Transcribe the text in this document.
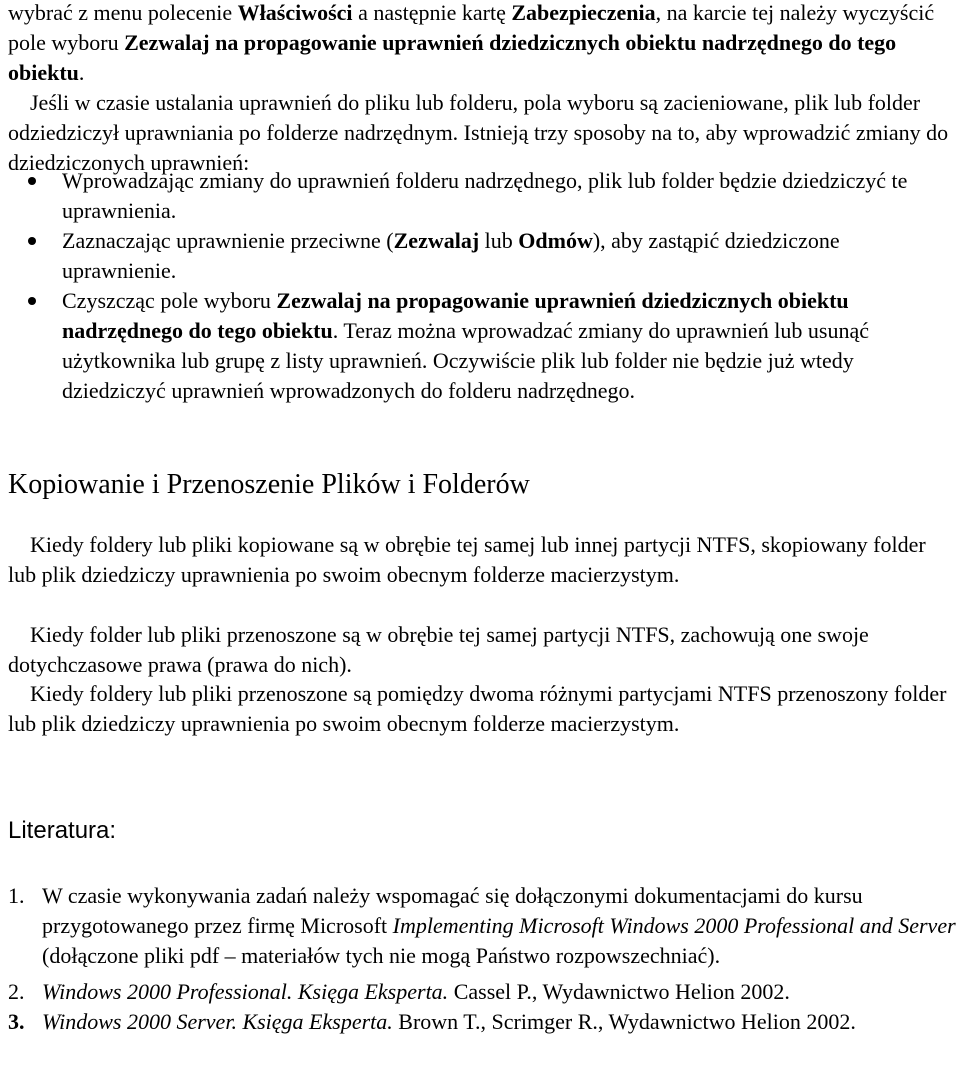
wybrać z menu polecenie Właściwości a następnie kartę Zabezpieczenia, na karcie tej należy wyczyścić pole wyboru Zezwalaj na propagowanie uprawnień dziedzicznych obiektu nadrzędnego do tego obiektu.

Jeśli w czasie ustalania uprawnień do pliku lub folderu, pola wyboru są zacieniowane, plik lub folder odziedziczył uprawniania po folderze nadrzędnym. Istnieją trzy sposoby na to, aby wprowadzić zmiany do dziedziczonych uprawnień:

Wprowadzając zmiany do uprawnień folderu nadrzędnego, plik lub folder będzie dziedziczyć te uprawnienia.
Zaznaczając uprawnienie przeciwne (Zezwalaj lub Odmów), aby zastąpić dziedziczone uprawnienie.
Czyszcząc pole wyboru Zezwalaj na propagowanie uprawnień dziedzicznych obiektu nadrzędnego do tego obiektu. Teraz można wprowadzać zmiany do uprawnień lub usunąć użytkownika lub grupę z listy uprawnień. Oczywiście plik lub folder nie będzie już wtedy dziedziczyć uprawnień wprowadzonych do folderu nadrzędnego.
Kopiowanie i Przenoszenie Plików i Folderów

Kiedy foldery lub pliki kopiowane są w obrębie tej samej lub innej partycji NTFS, skopiowany folder lub plik dziedziczy uprawnienia po swoim obecnym folderze macierzystym.

Kiedy folder lub pliki przenoszone są w obrębie tej samej partycji NTFS, zachowują one swoje dotychczasowe prawa (prawa do nich).

Kiedy foldery lub pliki przenoszone są pomiędzy dwoma różnymi partycjami NTFS przenoszony folder lub plik dziedziczy uprawnienia po swoim obecnym folderze macierzystym.

Literatura:
1. W czasie wykonywania zadań należy wspomagać się dołączonymi dokumentacjami do kursu przygotowanego przez firmę Microsoft Implementing Microsoft Windows 2000 Professional and Server (dołączone pliki pdf – materiałów tych nie mogą Państwo rozpowszechniać).
2. Windows 2000 Professional. Księga Eksperta. Cassel P., Wydawnictwo Helion 2002.
3. Windows 2000 Server. Księga Eksperta. Brown T., Scrimger R., Wydawnictwo Helion 2002.
